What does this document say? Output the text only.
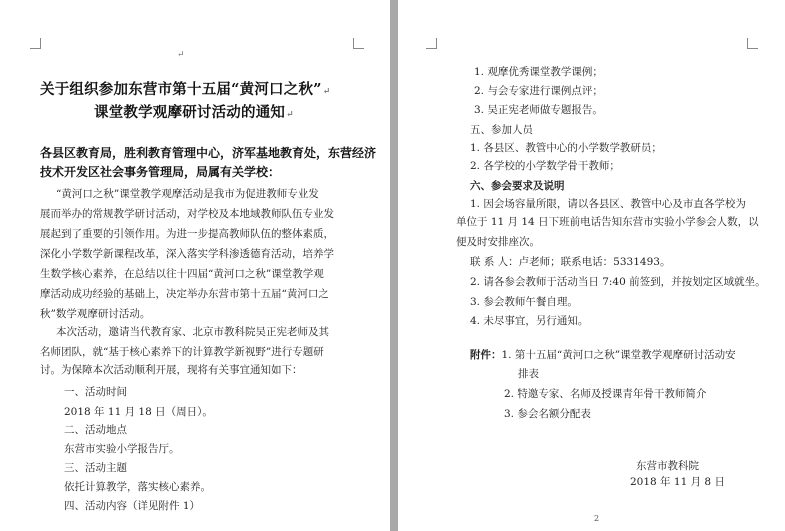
↵
关于组织参加东营市第十五届“黄河口之秋”↵
课堂教学观摩研讨活动的通知↵
各县区教育局，胜利教育管理中心，济军基地教育处，东营经济
技术开发区社会事务管理局，局属有关学校：
“黄河口之秋”课堂教学观摩活动是我市为促进教师专业发
展而举办的常规教学研讨活动，对学校及本地域教师队伍专业发
展起到了重要的引领作用。为进一步提高教师队伍的整体素质，
深化小学数学新课程改革，深入落实学科渗透德育活动，培养学
生数学核心素养，在总结以往十四届“黄河口之秋”课堂教学观
摩活动成功经验的基础上，决定举办东营市第十五届“黄河口之
秋”数学观摩研讨活动。
本次活动，邀请当代教育家、北京市教科院吴正宪老师及其
名师团队，就“基于核心素养下的计算教学新视野”进行专题研
讨。为保障本次活动顺利开展，现将有关事宜通知如下：
一、活动时间
2018 年 11 月 18 日（周日）。
二、活动地点
东营市实验小学报告厅。
三、活动主题
依托计算教学，落实核心素养。
四、活动内容（详见附件 1）
1. 观摩优秀课堂教学课例；
2. 与会专家进行课例点评；
3. 吴正宪老师做专题报告。
五、参加人员
1. 各县区、教管中心的小学数学教研员；
2. 各学校的小学数学骨干教师；
六、参会要求及说明
1. 因会场容量所限，请以各县区、教管中心及市直各学校为
单位于 11 月 14 日下班前电话告知东营市实验小学参会人数，以
便及时安排座次。
联 系 人：卢老师；联系电话：5331493。
2. 请各参会教师于活动当日 7:40 前签到，并按划定区域就坐。
3. 参会教师午餐自理。
4. 未尽事宜，另行通知。
附件：1. 第十五届“黄河口之秋”课堂教学观摩研讨活动安
排表
2. 特邀专家、名师及授课青年骨干教师简介
3. 参会名额分配表
东营市教科院
2018 年 11 月 8 日
2
